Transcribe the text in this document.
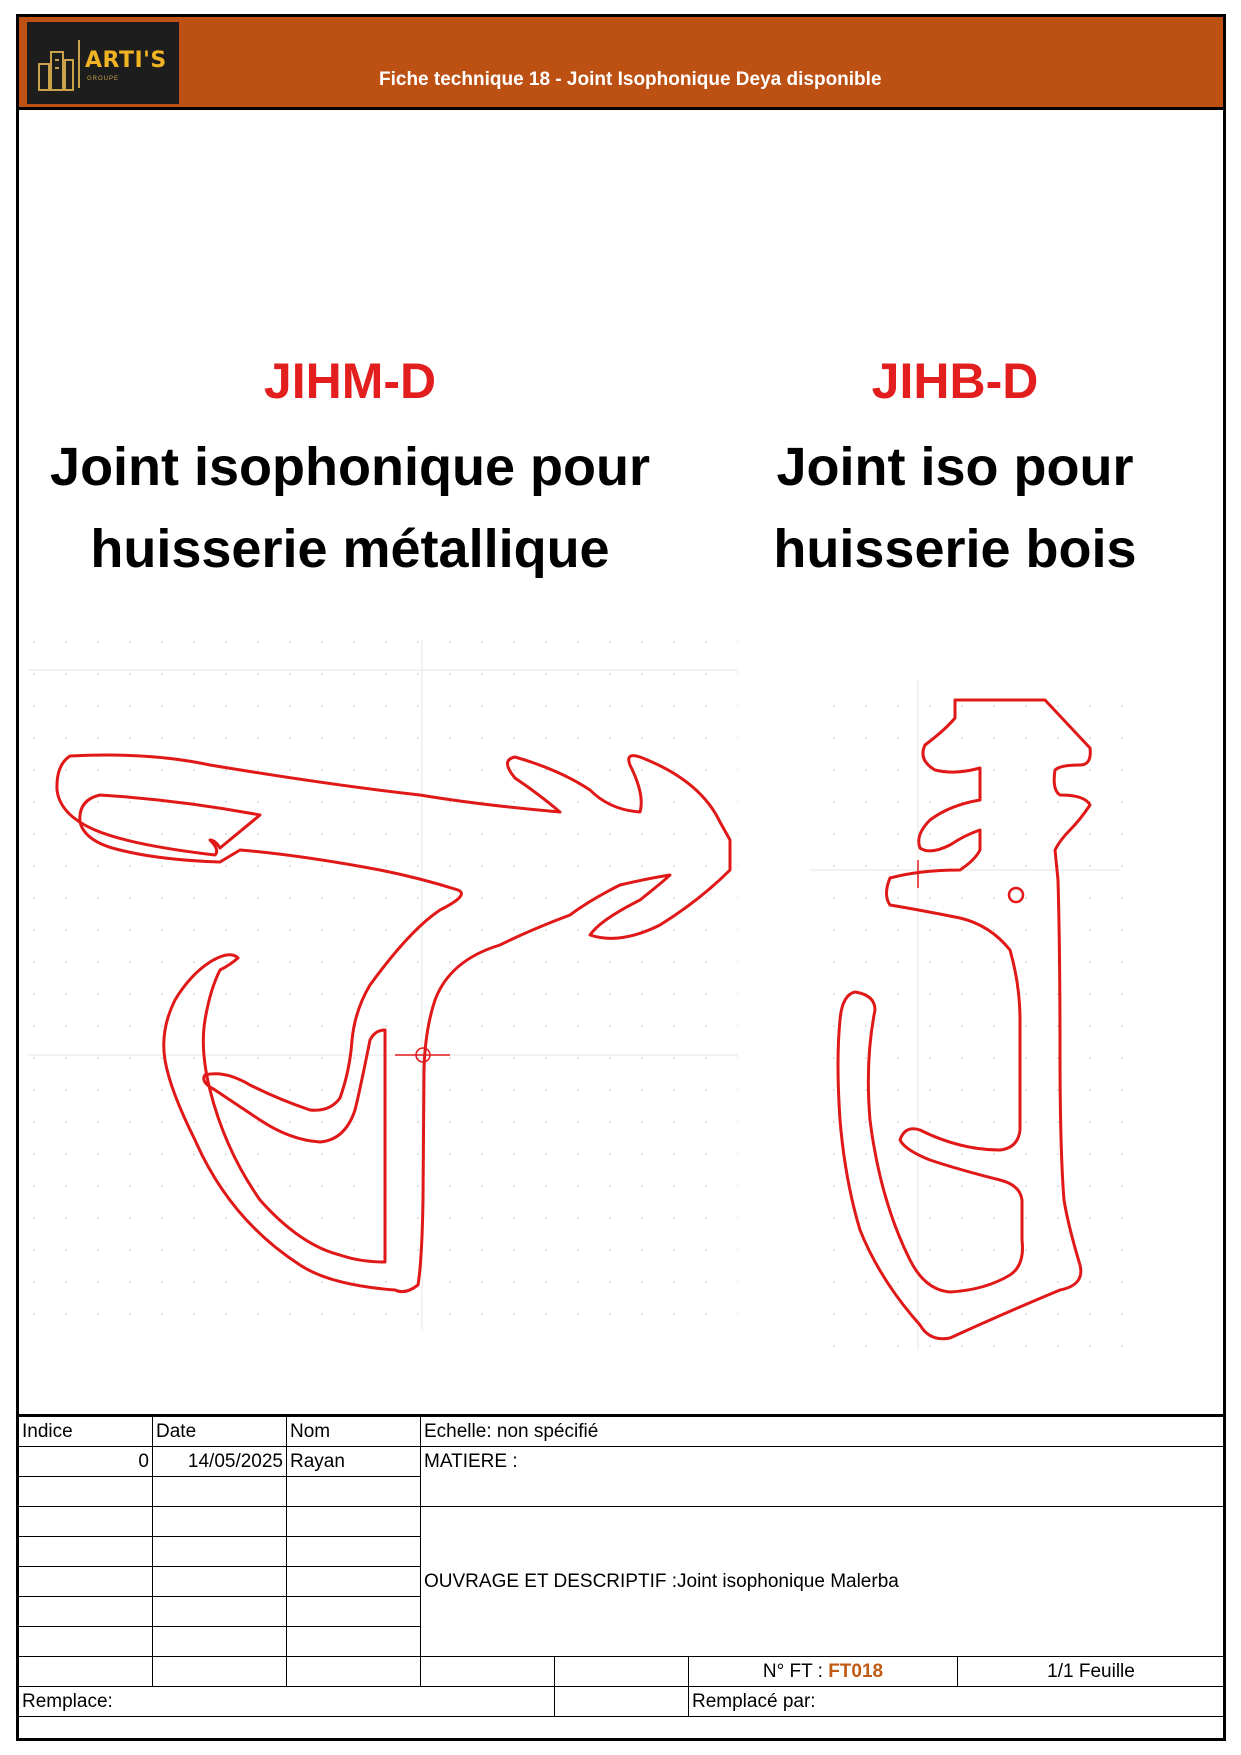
ARTI'S
GROUPE	Fiche technique 18 - Joint Isophonique Deya disponible
JIHM-D
Joint isophonique pour
huisserie métallique
JIHB-D
Joint iso pour
huisserie bois
Indice	Date	Nom	Echelle: non spécifié			
0	14/05/2025	Rayan	MATIERE :			

			OUVRAGE ET DESCRIPTIF :Joint isophonique Malerba			

					N° FT : FT018	1/1 Feuille
Remplace:					Remplacé par:	
